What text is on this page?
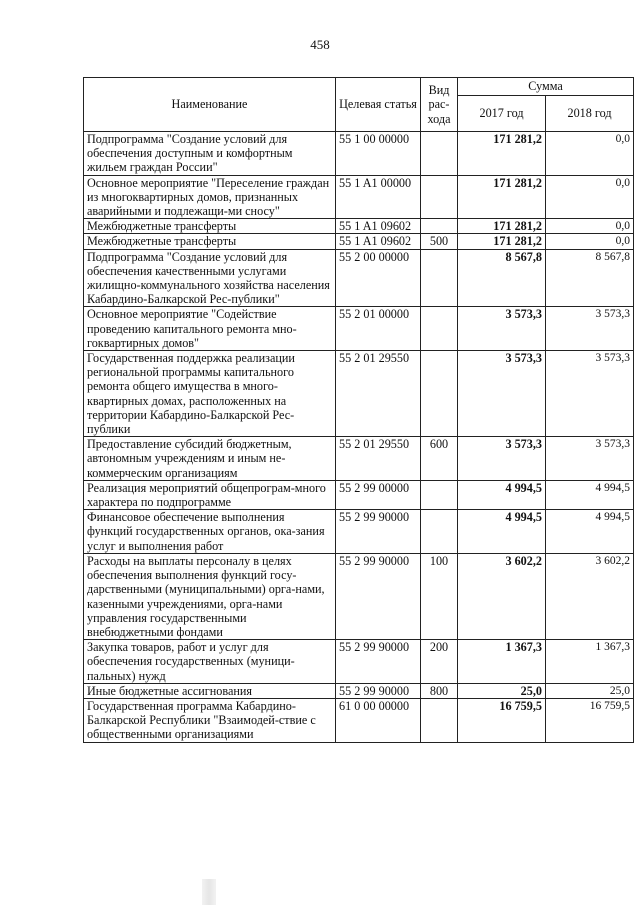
458
Наименование	Целевая статья	Вид рас-хода	Сумма	
			2017 год	2018 год
Подпрограмма "Создание условий для обеспечения доступным и комфортным жильем граждан России"	55 1 00 00000		171 281,2	0,0
Основное мероприятие "Переселение граждан из многоквартирных домов, признанных аварийными и подлежащи-ми сносу"	55 1 A1 00000		171 281,2	0,0
Межбюджетные трансферты	55 1 A1 09602		171 281,2	0,0
Межбюджетные трансферты	55 1 A1 09602	500	171 281,2	0,0
Подпрограмма "Создание условий для обеспечения качественными услугами жилищно-коммунального хозяйства населения Кабардино-Балкарской Рес-публики"	55 2 00 00000		8 567,8	8 567,8
Основное мероприятие "Содействие проведению капитального ремонта мно-гоквартирных домов"	55 2 01 00000		3 573,3	3 573,3
Государственная поддержка реализации региональной программы капитального ремонта общего имущества в много-квартирных домах, расположенных на территории Кабардино-Балкарской Рес-публики	55 2 01 29550		3 573,3	3 573,3
Предоставление субсидий бюджетным, автономным учреждениям и иным не-коммерческим организациям	55 2 01 29550	600	3 573,3	3 573,3
Реализация мероприятий общепрограм-много характера по подпрограмме	55 2 99 00000		4 994,5	4 994,5
Финансовое обеспечение выполнения функций государственных органов, ока-зания услуг и выполнения работ	55 2 99 90000		4 994,5	4 994,5
Расходы на выплаты персоналу в целях обеспечения выполнения функций госу-дарственными (муниципальными) орга-нами, казенными учреждениями, орга-нами управления государственными внебюджетными фондами	55 2 99 90000	100	3 602,2	3 602,2
Закупка товаров, работ и услуг для обеспечения государственных (муници-пальных) нужд	55 2 99 90000	200	1 367,3	1 367,3
Иные бюджетные ассигнования	55 2 99 90000	800	25,0	25,0
Государственная программа Кабардино-Балкарской Республики "Взаимодей-ствие с общественными организациями	61 0 00 00000		16 759,5	16 759,5
